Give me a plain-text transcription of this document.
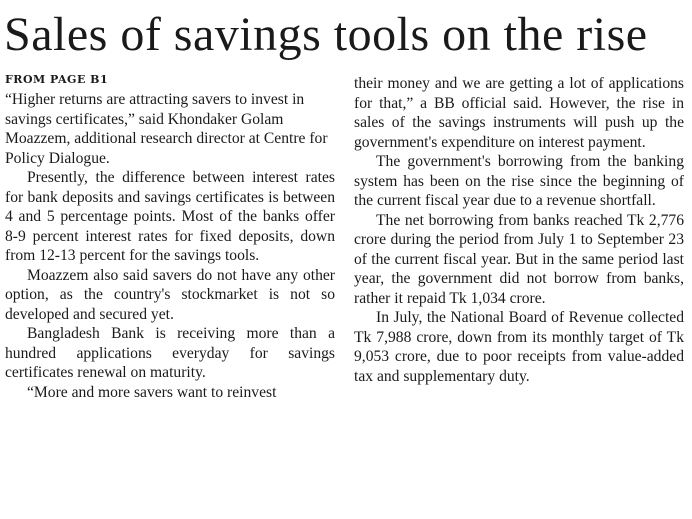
Sales of savings tools on the rise
FROM PAGE B1

“Higher returns are attracting savers to invest in savings certificates,” said Khondaker Golam Moazzem, additional research director at Centre for Policy Dialogue.

Presently, the difference between interest rates for bank deposits and savings certificates is between 4 and 5 percentage points. Most of the banks offer 8-9 percent interest rates for fixed deposits, down from 12-13 percent for the savings tools.

Moazzem also said savers do not have any other option, as the country's stockmarket is not so developed and secured yet.

Bangladesh Bank is receiving more than a hundred applications everyday for savings certificates renewal on maturity.

“More and more savers want to reinvest

their money and we are getting a lot of applications for that,” a BB official said. However, the rise in sales of the savings instruments will push up the government's expenditure on interest payment.

The government's borrowing from the banking system has been on the rise since the beginning of the current fiscal year due to a revenue shortfall.

The net borrowing from banks reached Tk 2,776 crore during the period from July 1 to September 23 of the current fiscal year. But in the same period last year, the government did not borrow from banks, rather it repaid Tk 1,034 crore.

In July, the National Board of Revenue collected Tk 7,988 crore, down from its monthly target of Tk 9,053 crore, due to poor receipts from value-added tax and supplementary duty.
